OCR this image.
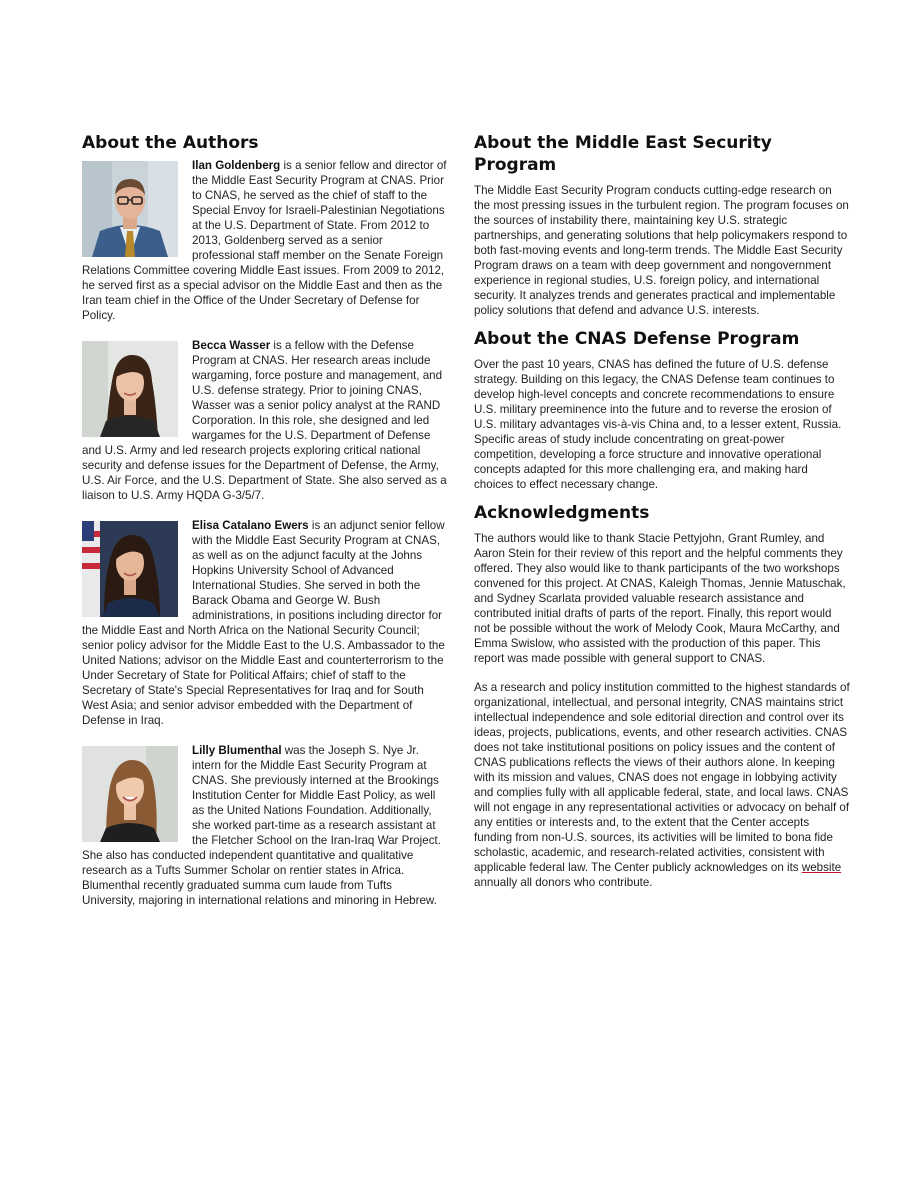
About the Authors
Ilan Goldenberg is a senior fellow and director of the Middle East Security Program at CNAS. Prior to CNAS, he served as the chief of staff to the Special Envoy for Israeli-Palestinian Negotiations at the U.S. Department of State. From 2012 to 2013, Goldenberg served as a senior professional staff member on the Senate Foreign Relations Committee covering Middle East issues. From 2009 to 2012, he served first as a special advisor on the Middle East and then as the Iran team chief in the Office of the Under Secretary of Defense for Policy.
Becca Wasser is a fellow with the Defense Program at CNAS. Her research areas include wargaming, force posture and management, and U.S. defense strategy. Prior to joining CNAS, Wasser was a senior policy analyst at the RAND Corporation. In this role, she designed and led wargames for the U.S. Department of Defense and U.S. Army and led research projects exploring critical national security and defense issues for the Department of Defense, the Army, U.S. Air Force, and the U.S. Department of State. She also served as a liaison to U.S. Army HQDA G-3/5/7.
Elisa Catalano Ewers is an adjunct senior fellow with the Middle East Security Program at CNAS, as well as on the adjunct faculty at the Johns Hopkins University School of Advanced International Studies. She served in both the Barack Obama and George W. Bush administrations, in positions including director for the Middle East and North Africa on the National Security Council; senior policy advisor for the Middle East to the U.S. Ambassador to the United Nations; advisor on the Middle East and counterterrorism to the Under Secretary of State for Political Affairs; chief of staff to the Secretary of State's Special Representatives for Iraq and for South West Asia; and senior advisor embedded with the Department of Defense in Iraq.
Lilly Blumenthal was the Joseph S. Nye Jr. intern for the Middle East Security Program at CNAS. She previously interned at the Brookings Institution Center for Middle East Policy, as well as the United Nations Foundation. Additionally, she worked part-time as a research assistant at the Fletcher School on the Iran-Iraq War Project. She also has conducted independent quantitative and qualitative research as a Tufts Summer Scholar on rentier states in Africa. Blumenthal recently graduated summa cum laude from Tufts University, majoring in international relations and minoring in Hebrew.
About the Middle East Security Program

The Middle East Security Program conducts cutting-edge research on the most pressing issues in the turbulent region. The program focuses on the sources of instability there, maintaining key U.S. strategic partnerships, and generating solutions that help policymakers respond to both fast-moving events and long-term trends. The Middle East Security Program draws on a team with deep government and nongovernment experience in regional studies, U.S. foreign policy, and international security. It analyzes trends and generates practical and implementable policy solutions that defend and advance U.S. interests.

About the CNAS Defense Program

Over the past 10 years, CNAS has defined the future of U.S. defense strategy. Building on this legacy, the CNAS Defense team continues to develop high-level concepts and concrete recommendations to ensure U.S. military preeminence into the future and to reverse the erosion of U.S. military advantages vis-à-vis China and, to a lesser extent, Russia. Specific areas of study include concentrating on great-power competition, developing a force structure and innovative operational concepts adapted for this more challenging era, and making hard choices to effect necessary change.

Acknowledgments

The authors would like to thank Stacie Pettyjohn, Grant Rumley, and Aaron Stein for their review of this report and the helpful comments they offered. They also would like to thank participants of the two workshops convened for this project. At CNAS, Kaleigh Thomas, Jennie Matuschak, and Sydney Scarlata provided valuable research assistance and contributed initial drafts of parts of the report. Finally, this report would not be possible without the work of Melody Cook, Maura McCarthy, and Emma Swislow, who assisted with the production of this paper. This report was made possible with general support to CNAS.

As a research and policy institution committed to the highest standards of organizational, intellectual, and personal integrity, CNAS maintains strict intellectual independence and sole editorial direction and control over its ideas, projects, publications, events, and other research activities. CNAS does not take institutional positions on policy issues and the content of CNAS publications reflects the views of their authors alone. In keeping with its mission and values, CNAS does not engage in lobbying activity and complies fully with all applicable federal, state, and local laws. CNAS will not engage in any representational activities or advocacy on behalf of any entities or interests and, to the extent that the Center accepts funding from non-U.S. sources, its activities will be limited to bona fide scholastic, academic, and research-related activities, consistent with applicable federal law. The Center publicly acknowledges on its website annually all donors who contribute.
